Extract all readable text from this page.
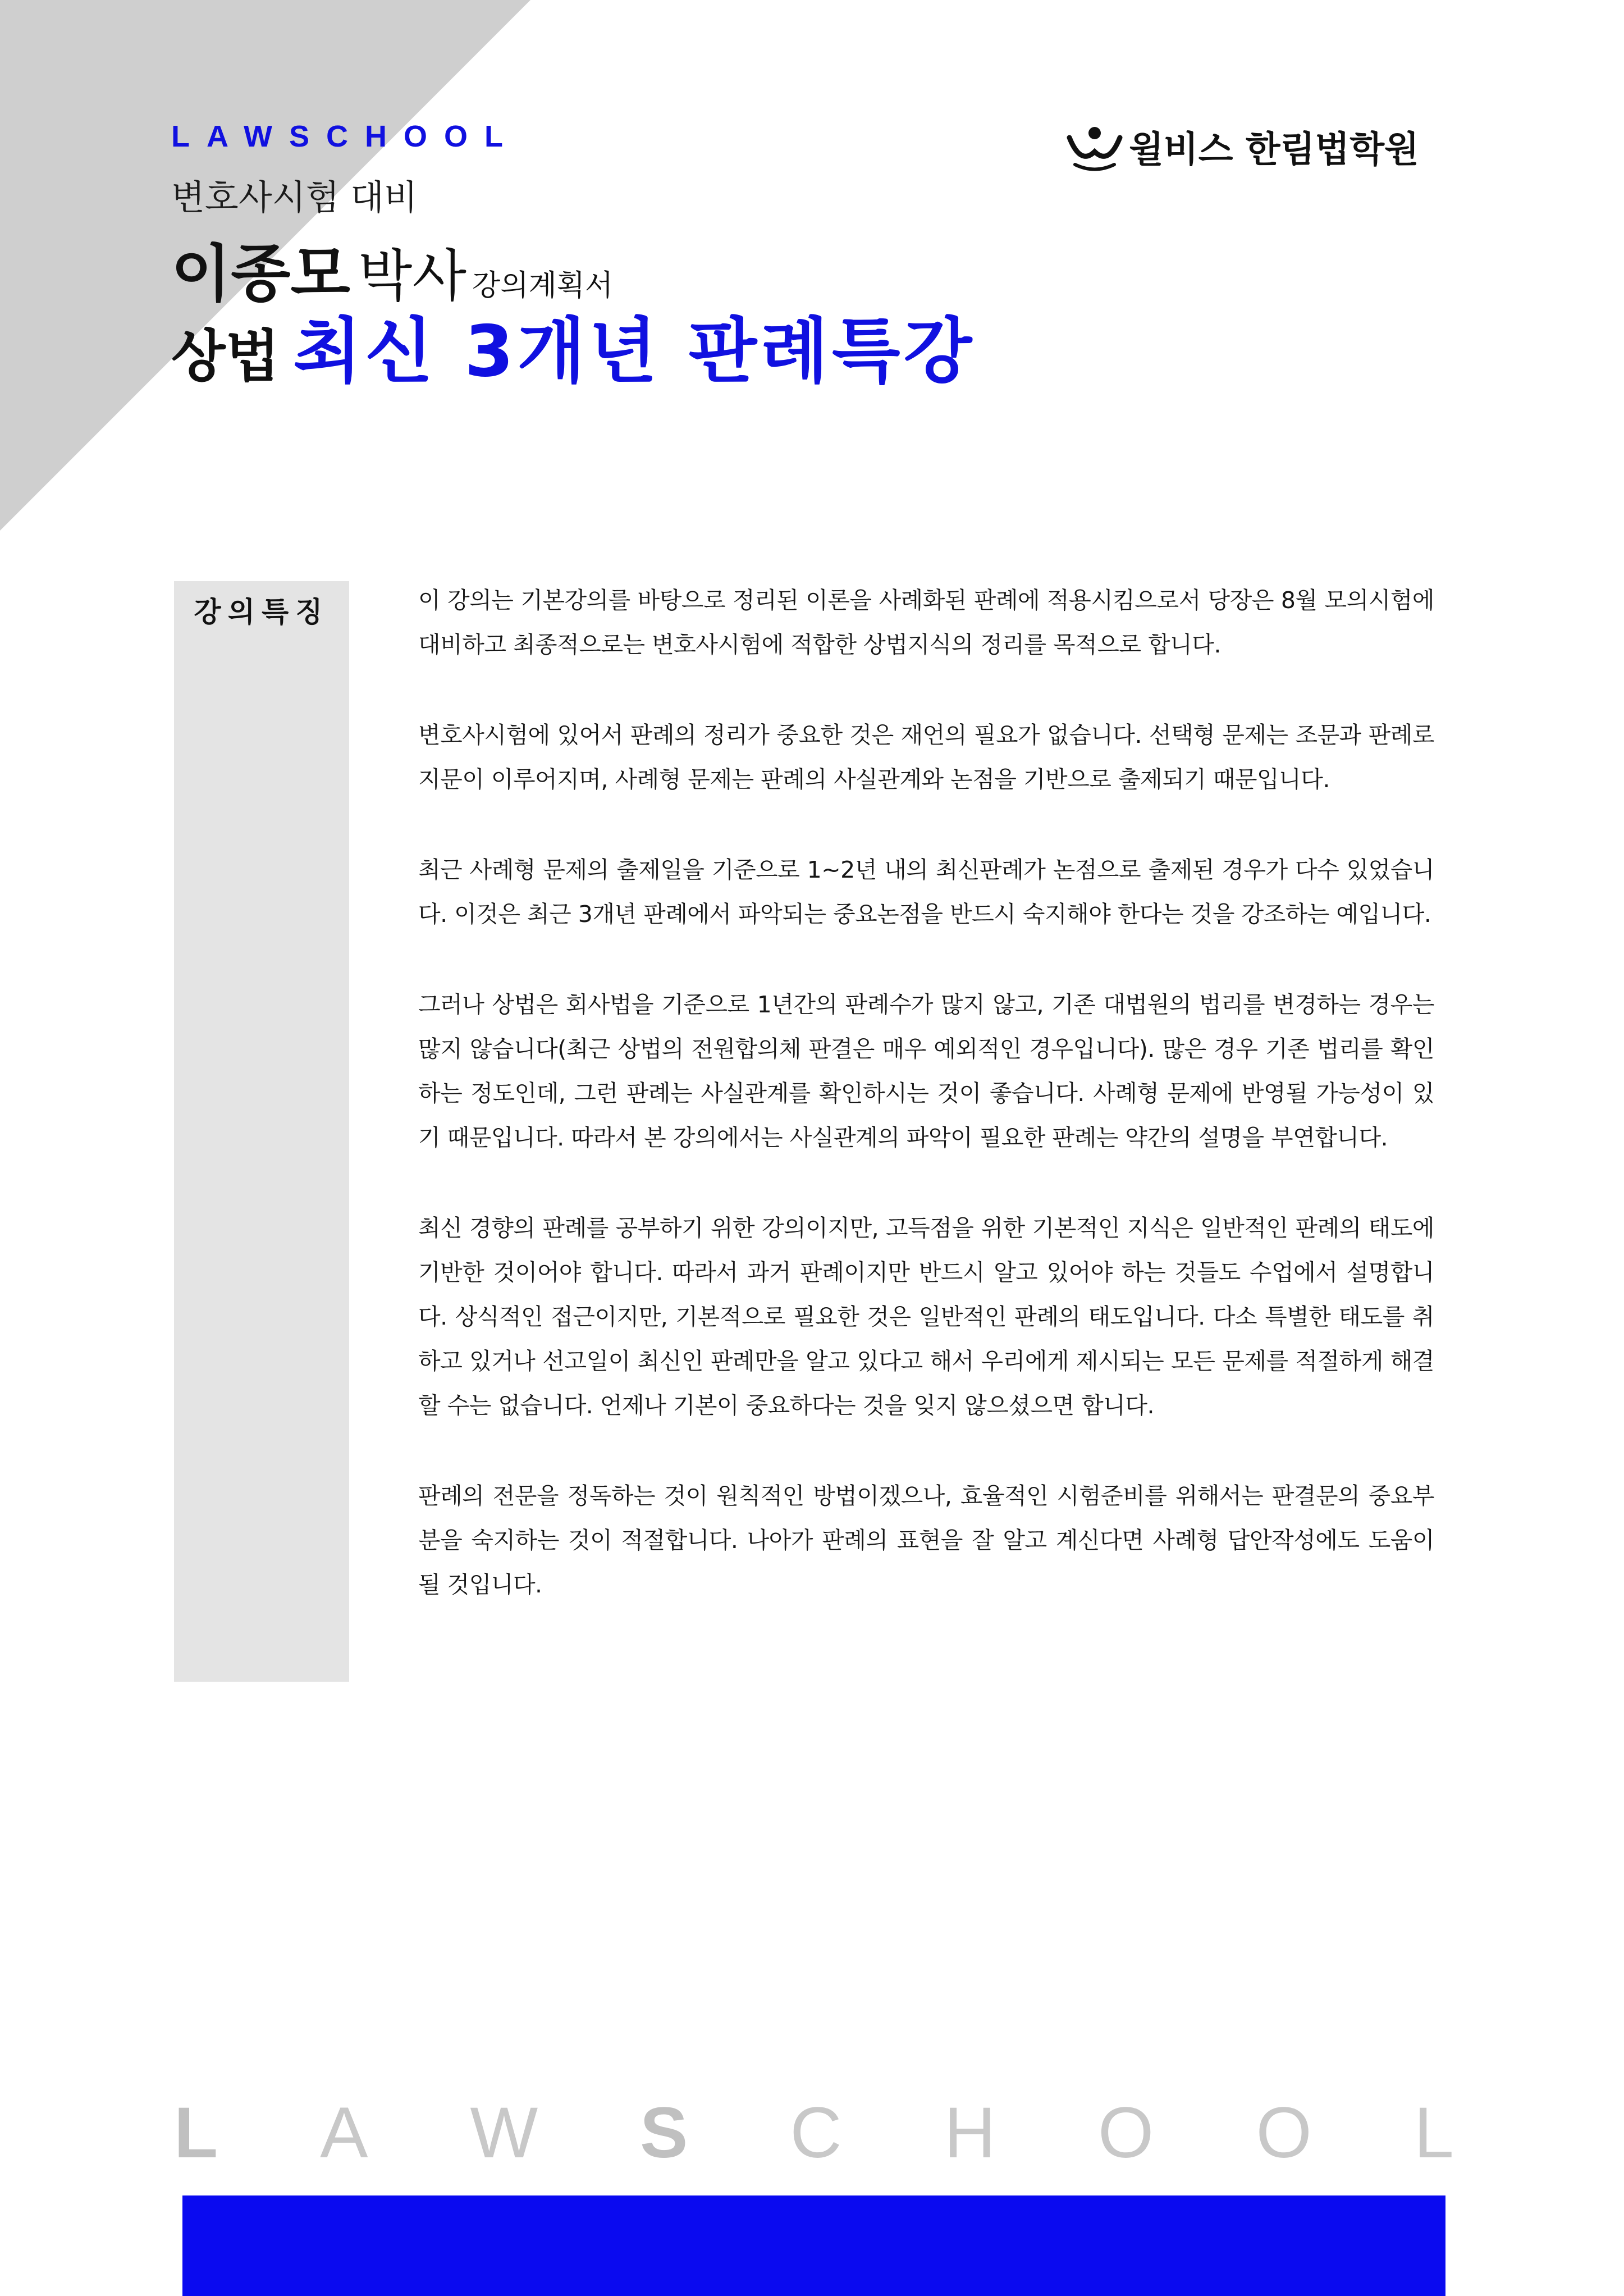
LAWSCHOOL	윌비스 한림법학원
변호사시험 대비
이종모 박사 강의계획서
상법 최신 3개년 판례특강
강의특징	이 강의는 기본강의를 바탕으로 정리된 이론을 사례화된 판례에 적용시킴으로서 당장은 8월 모의시험에 대비하고 최종적으로는 변호사시험에 적합한 상법지식의 정리를 목적으로 합니다.

변호사시험에 있어서 판례의 정리가 중요한 것은 재언의 필요가 없습니다. 선택형 문제는 조문과 판례로 지문이 이루어지며, 사례형 문제는 판례의 사실관계와 논점을 기반으로 출제되기 때문입니다.

최근 사례형 문제의 출제일을 기준으로 1~2년 내의 최신판례가 논점으로 출제된 경우가 다수 있었습니다. 이것은 최근 3개년 판례에서 파악되는 중요논점을 반드시 숙지해야 한다는 것을 강조하는 예입니다.

그러나 상법은 회사법을 기준으로 1년간의 판례수가 많지 않고, 기존 대법원의 법리를 변경하는 경우는 많지 않습니다(최근 상법의 전원합의체 판결은 매우 예외적인 경우입니다). 많은 경우 기존 법리를 확인하는 정도인데, 그런 판례는 사실관계를 확인하시는 것이 좋습니다. 사례형 문제에 반영될 가능성이 있기 때문입니다. 따라서 본 강의에서는 사실관계의 파악이 필요한 판례는 약간의 설명을 부연합니다.

최신 경향의 판례를 공부하기 위한 강의이지만, 고득점을 위한 기본적인 지식은 일반적인 판례의 태도에 기반한 것이어야 합니다. 따라서 과거 판례이지만 반드시 알고 있어야 하는 것들도 수업에서 설명합니다. 상식적인 접근이지만, 기본적으로 필요한 것은 일반적인 판례의 태도입니다. 다소 특별한 태도를 취하고 있거나 선고일이 최신인 판례만을 알고 있다고 해서 우리에게 제시되는 모든 문제를 적절하게 해결할 수는 없습니다. 언제나 기본이 중요하다는 것을 잊지 않으셨으면 합니다.

판례의 전문을 정독하는 것이 원칙적인 방법이겠으나, 효율적인 시험준비를 위해서는 판결문의 중요부분을 숙지하는 것이 적절합니다. 나아가 판례의 표현을 잘 알고 계신다면 사례형 답안작성에도 도움이 될 것입니다.

L A W S C H O O L
